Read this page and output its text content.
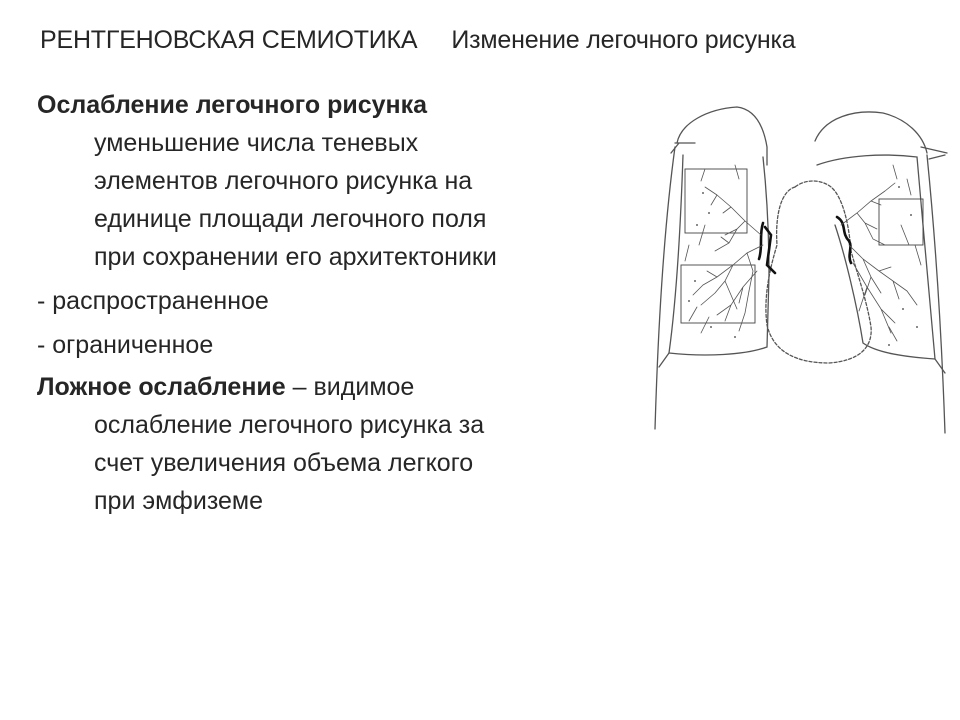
РЕНТГЕНОВСКАЯ СЕМИОТИКА Изменение легочного рисунка
Ослабление легочного рисунка
уменьшение числа теневых
элементов легочного рисунка на
единице площади легочного поля
при сохранении его архитектоники
- распространенное
- ограниченное
Ложное ослабление – видимое
ослабление легочного рисунка за
счет увеличения объема легкого
при эмфиземе
